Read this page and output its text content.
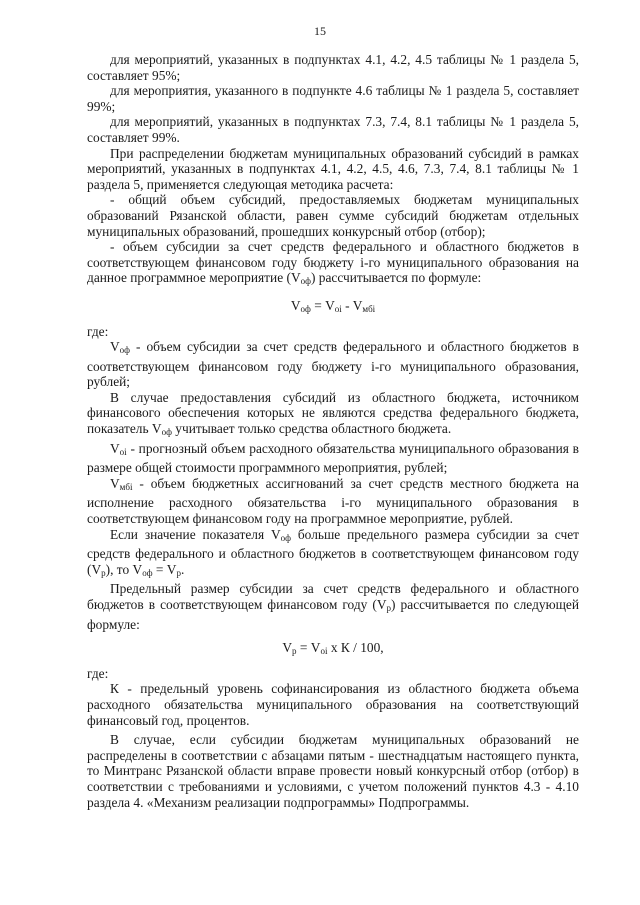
15

для мероприятий, указанных в подпунктах 4.1, 4.2, 4.5 таблицы № 1 раздела 5, составляет 95%;

для мероприятия, указанного в подпункте 4.6 таблицы № 1 раздела 5, составляет 99%;

для мероприятий, указанных в подпунктах 7.3, 7.4, 8.1 таблицы № 1 раздела 5, составляет 99%.

При распределении бюджетам муниципальных образований субсидий в рамках мероприятий, указанных в подпунктах 4.1, 4.2, 4.5, 4.6, 7.3, 7.4, 8.1 таблицы № 1 раздела 5, применяется следующая методика расчета:

- общий объем субсидий, предоставляемых бюджетам муниципальных образований Рязанской области, равен сумме субсидий бюджетам отдельных муниципальных образований, прошедших конкурсный отбор (отбор);

- объем субсидии за счет средств федерального и областного бюджетов в соответствующем финансовом году бюджету i-го муниципального образования на данное программное мероприятие $(V_{оф})$ рассчитывается по формуле:

$V_{оф} = V_{oi} - V_{мбi}$

где:

$V_{оф}$ - объем субсидии за счет средств федерального и областного бюджетов в соответствующем финансовом году бюджету i-го муниципального образования, рублей;

В случае предоставления субсидий из областного бюджета, источником финансового обеспечения которых не являются средства федерального бюджета, показатель $V_{оф}$ учитывает только средства областного бюджета.

$V_{oi}$ - прогнозный объем расходного обязательства муниципального образования в размере общей стоимости программного мероприятия, рублей;

$V_{мбi}$ - объем бюджетных ассигнований за счет средств местного бюджета на исполнение расходного обязательства i-го муниципального образования в соответствующем финансовом году на программное мероприятие, рублей.

Если значение показателя $V_{оф}$ больше предельного размера субсидии за счет средств федерального и областного бюджетов в соответствующем финансовом году $(V_р)$, то $V_{оф} = V_р$.

Предельный размер субсидии за счет средств федерального и областного бюджетов в соответствующем финансовом году $(V_р)$ рассчитывается по следующей формуле:

$V_р = V_{oi}$ x К / 100,

где:

К - предельный уровень софинансирования из областного бюджета объема расходного обязательства муниципального образования на соответствующий финансовый год, процентов.

В случае, если субсидии бюджетам муниципальных образований не распределены в соответствии с абзацами пятым - шестнадцатым настоящего пункта, то Минтранс Рязанской области вправе провести новый конкурсный отбор (отбор) в соответствии с требованиями и условиями, с учетом положений пунктов 4.3 - 4.10 раздела 4. «Механизм реализации подпрограммы» Подпрограммы.
